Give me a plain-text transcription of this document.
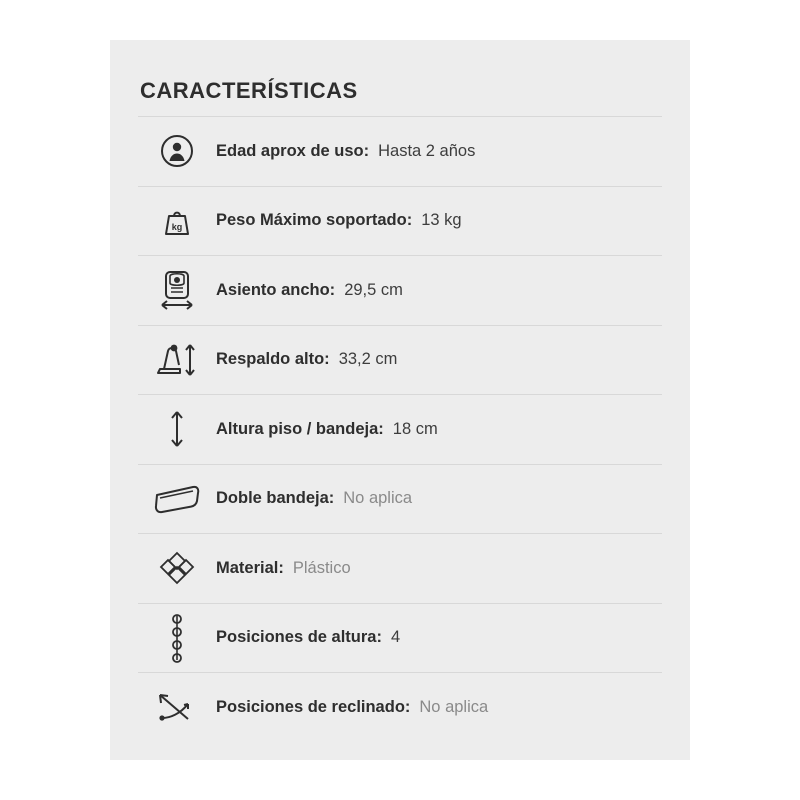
CARACTERÍSTICAS
Edad aprox de uso: Hasta 2 años
kg Peso Máximo soportado: 13 kg
Asiento ancho: 29,5 cm
Respaldo alto: 33,2 cm
Altura piso / bandeja: 18 cm
Doble bandeja: No aplica
Material: Plástico
Posiciones de altura: 4
Posiciones de reclinado: No aplica
